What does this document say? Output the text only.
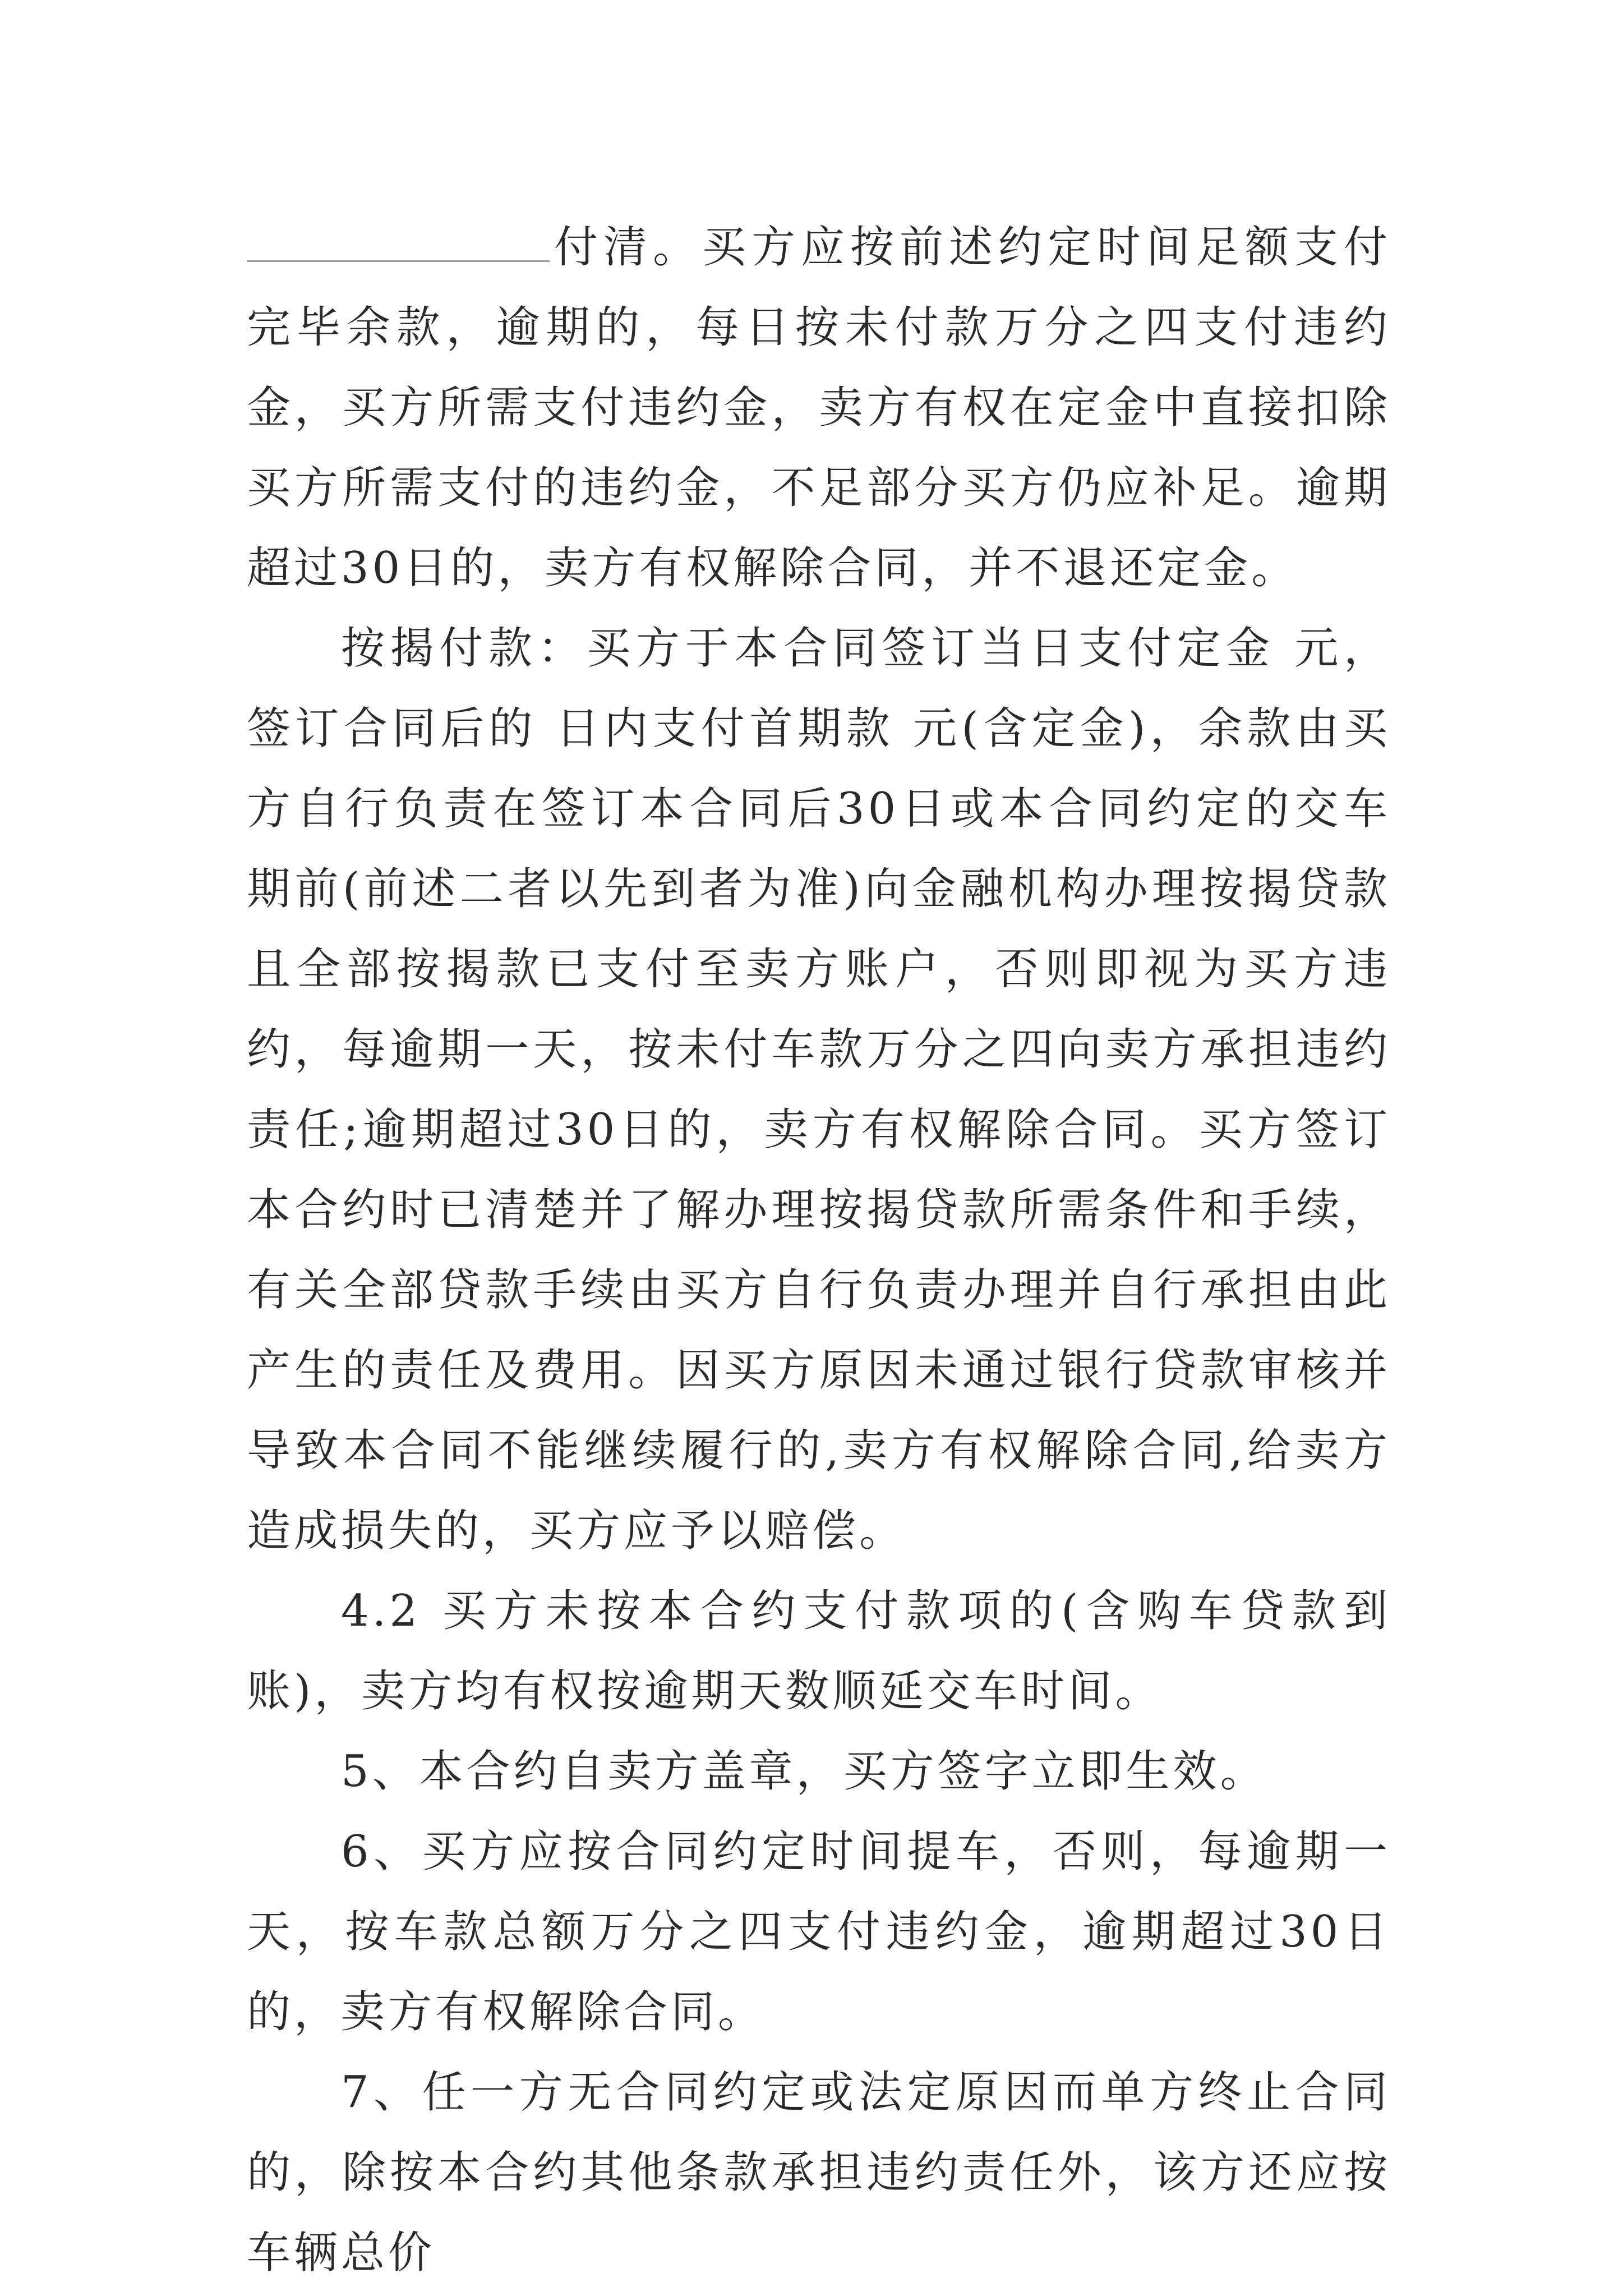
付清。买方应按前述约定时间足额支付完毕余款，逾期的，每日按未付款万分之四支付违约金，买方所需支付违约金，卖方有权在定金中直接扣除买方所需支付的违约金，不足部分买方仍应补足。逾期超过30日的，卖方有权解除合同，并不退还定金。

按揭付款：买方于本合同签订当日支付定金 元，签订合同后的 日内支付首期款 元(含定金)，余款由买方自行负责在签订本合同后30日或本合同约定的交车期前(前述二者以先到者为准)向金融机构办理按揭贷款且全部按揭款已支付至卖方账户，否则即视为买方违约，每逾期一天，按未付车款万分之四向卖方承担违约责任;逾期超过30日的，卖方有权解除合同。买方签订本合约时已清楚并了解办理按揭贷款所需条件和手续，有关全部贷款手续由买方自行负责办理并自行承担由此产生的责任及费用。因买方原因未通过银行贷款审核并导致本合同不能继续履行的,卖方有权解除合同,给卖方造成损失的，买方应予以赔偿。

4.2 买方未按本合约支付款项的(含购车贷款到账)，卖方均有权按逾期天数顺延交车时间。

5、本合约自卖方盖章，买方签字立即生效。

6、买方应按合同约定时间提车，否则，每逾期一天，按车款总额万分之四支付违约金，逾期超过30日的，卖方有权解除合同。

7、任一方无合同约定或法定原因而单方终止合同的，除按本合约其他条款承担违约责任外，该方还应按车辆总价
